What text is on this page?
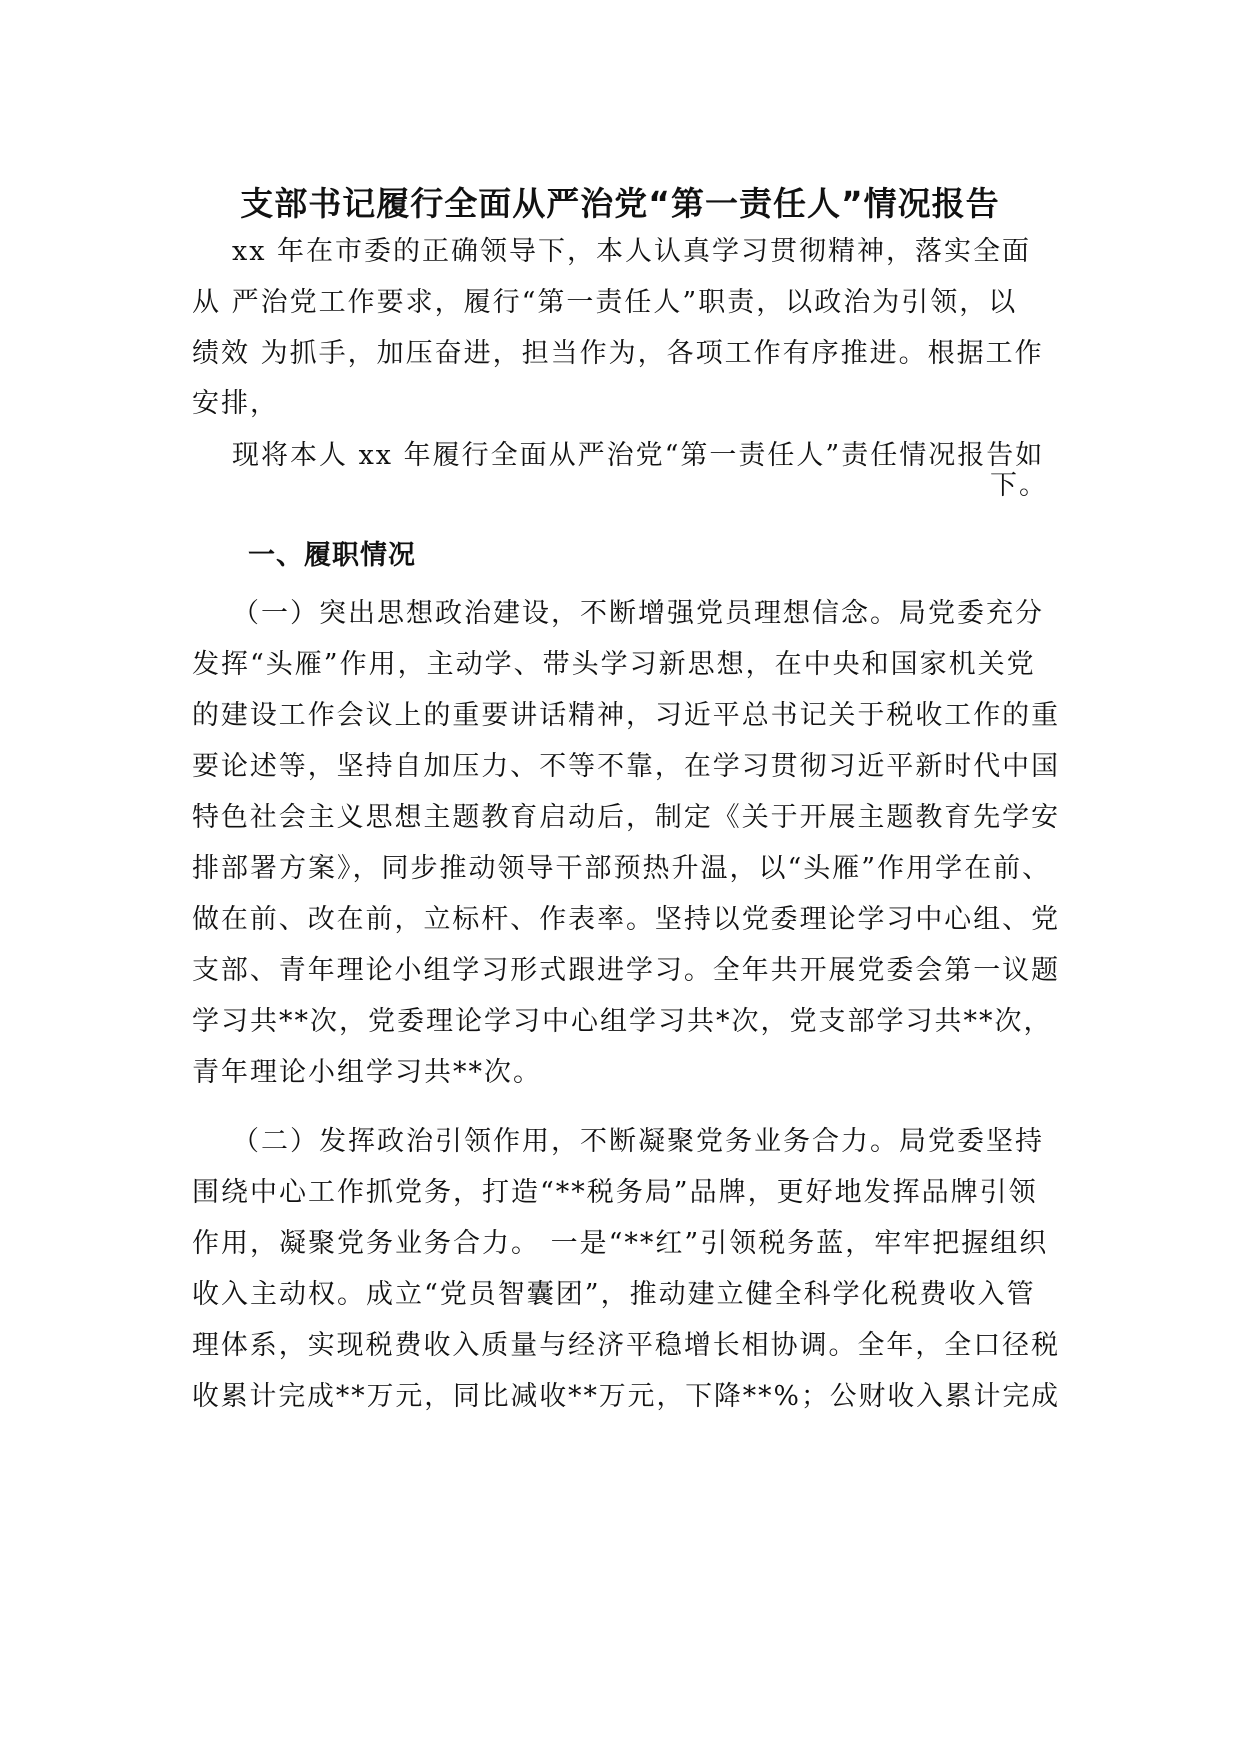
支部书记履行全面从严治党“第一责任人”情况报告

xx 年在市委的正确领导下，本人认真学习贯彻精神，落实全面

从 严治党工作要求，履行“第一责任人”职责，以政治为引领，以

绩效 为抓手，加压奋进，担当作为，各项工作有序推进。根据工作

安排，

现将本人 xx 年履行全面从严治党“第一责任人”责任情况报告如

下。

一、履职情况

（一）突出思想政治建设，不断增强党员理想信念。局党委充分

发挥“头雁”作用，主动学、带头学习新思想，在中央和国家机关党

的建设工作会议上的重要讲话精神，习近平总书记关于税收工作的重

要论述等，坚持自加压力、不等不靠，在学习贯彻习近平新时代中国

特色社会主义思想主题教育启动后，制定《关于开展主题教育先学安

排部署方案》，同步推动领导干部预热升温，以“头雁”作用学在前、

做在前、改在前，立标杆、作表率。坚持以党委理论学习中心组、党

支部、青年理论小组学习形式跟进学习。全年共开展党委会第一议题

学习共**次，党委理论学习中心组学习共*次，党支部学习共**次，

青年理论小组学习共**次。

（二）发挥政治引领作用，不断凝聚党务业务合力。局党委坚持

围绕中心工作抓党务，打造“**税务局”品牌，更好地发挥品牌引领

作用，凝聚党务业务合力。 一是“**红”引领税务蓝，牢牢把握组织

收入主动权。成立“党员智囊团”，推动建立健全科学化税费收入管

理体系，实现税费收入质量与经济平稳增长相协调。全年，全口径税

收累计完成**万元，同比减收**万元，下降**%；公财收入累计完成
